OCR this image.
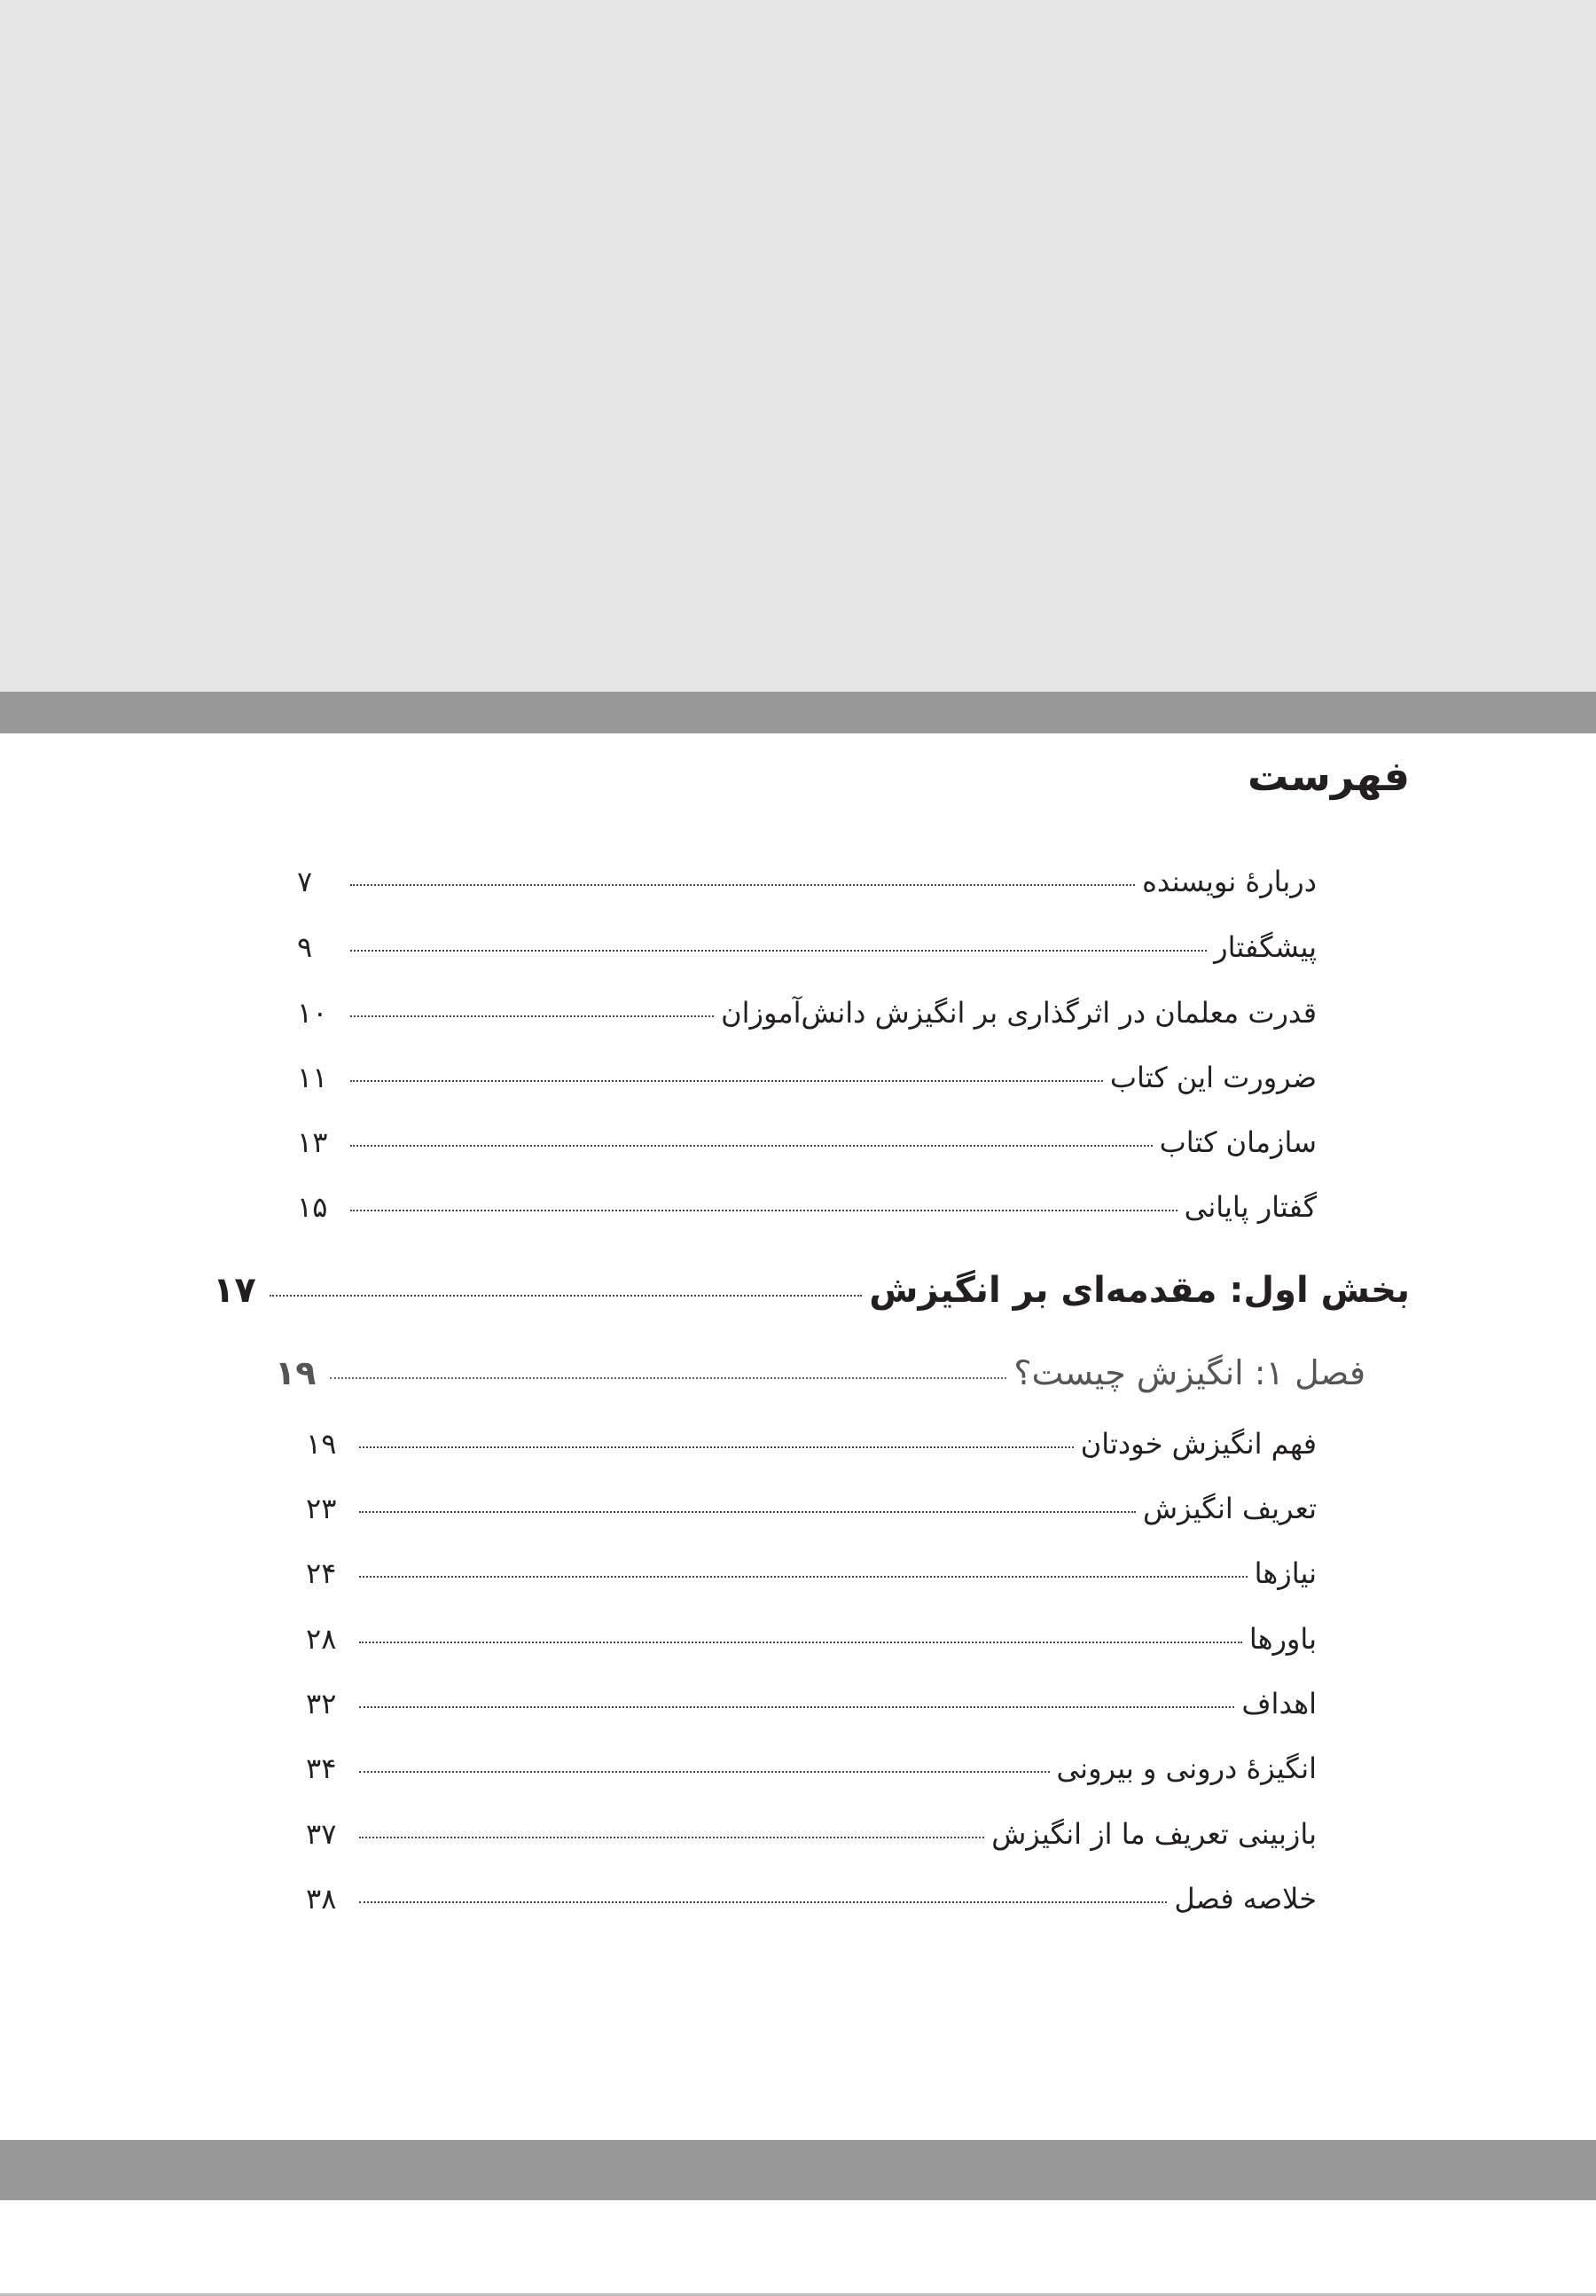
فهرست
۷	دربارۀ نویسنده
۹	پیشگفتار
۱۰	قدرت معلمان در اثرگذاری بر انگیزش دانش‌آموزان
۱۱	ضرورت این کتاب
۱۳	سازمان کتاب
۱۵	گفتار پایانی
۱۷	بخش اول: مقدمه‌ای بر انگیزش
۱۹	فصل ۱: انگیزش چیست؟
۱۹	فهم انگیزش خودتان
۲۳	تعریف انگیزش
۲۴	نیازها
۲۸	باورها
۳۲	اهداف
۳۴	انگیزۀ درونی و بیرونی
۳۷	بازبینی تعریف ما از انگیزش
۳۸	خلاصه فصل
